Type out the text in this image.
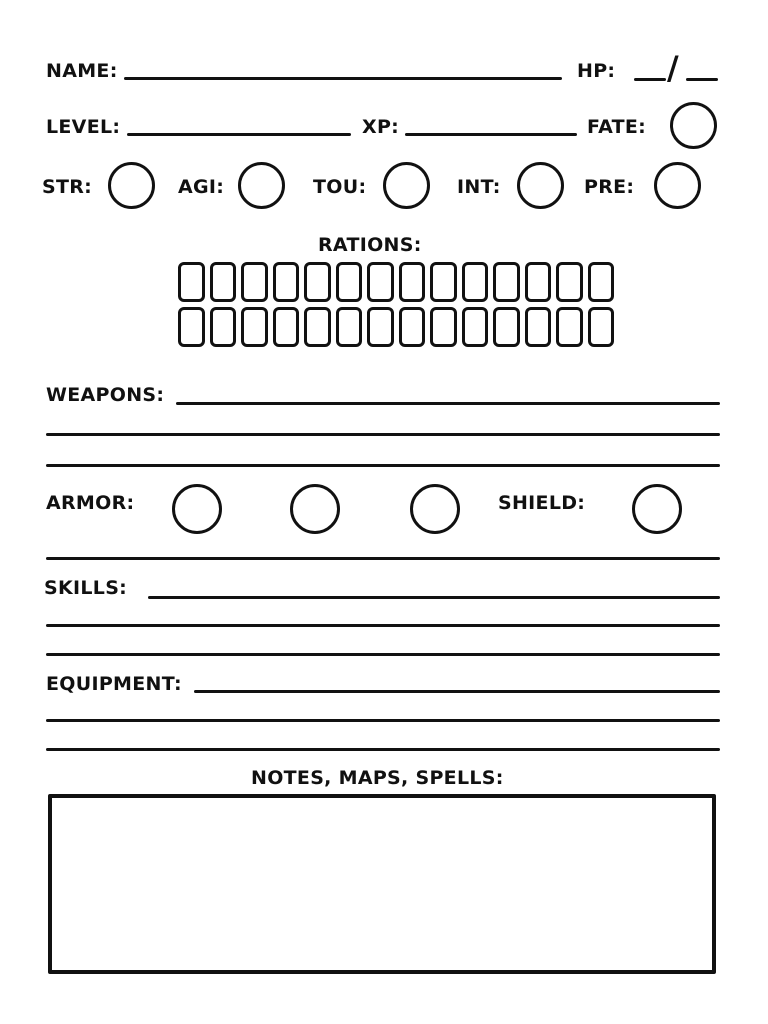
NAME:	HP: /
LEVEL:	XP:	FATE:
STR:	AGI:	TOU:	INT:	PRE:
RATIONS:
WEAPONS:
ARMOR:	SHIELD:
SKILLS:
EQUIPMENT:
NOTES, MAPS, SPELLS:
